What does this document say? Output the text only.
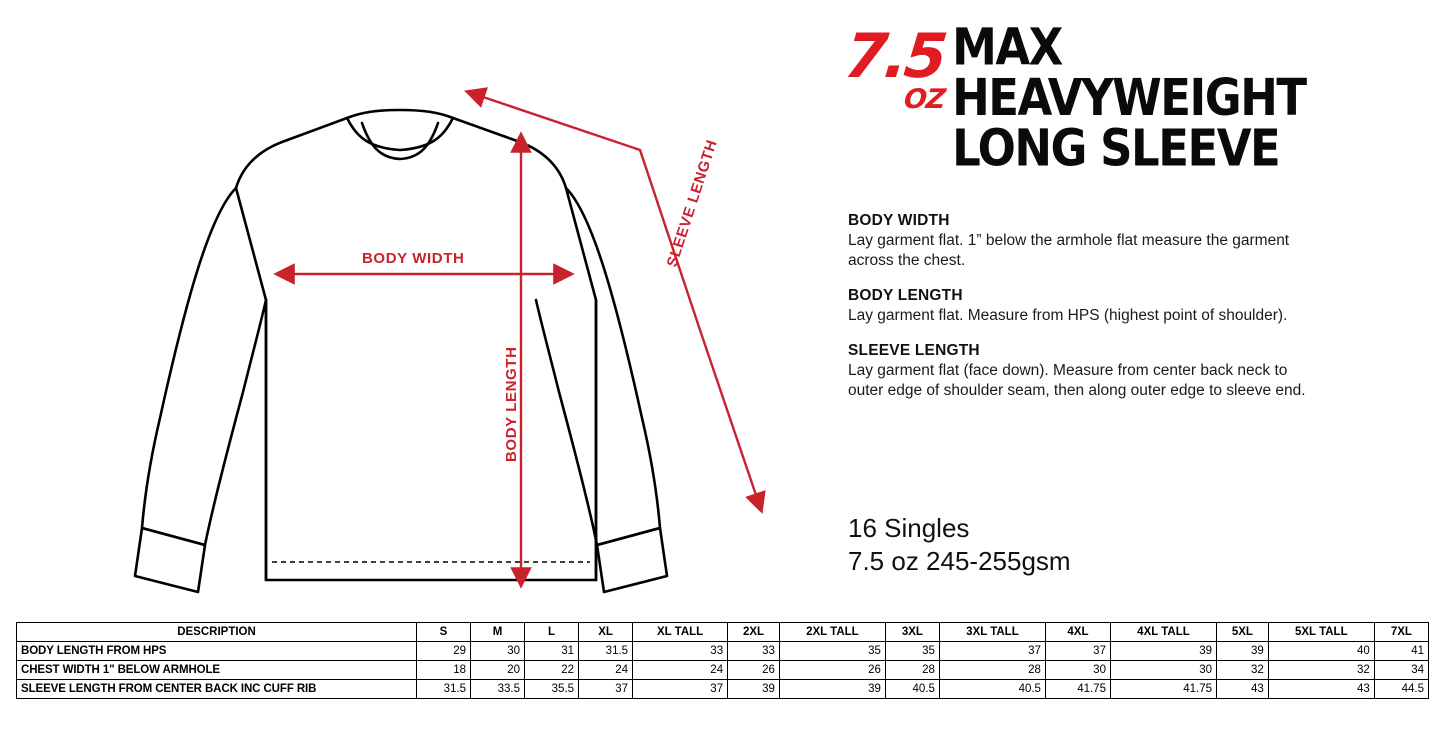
BODY WIDTH
BODY LENGTH
SLEEVE LENGTH
7.5
OZ
MAX
HEAVYWEIGHT
LONG SLEEVE
BODY WIDTH
Lay garment flat. 1” below the armhole flat measure the garment across the chest.
BODY LENGTH
Lay garment flat. Measure from HPS (highest point of shoulder).
SLEEVE LENGTH
Lay garment flat (face down). Measure from center back neck to outer edge of shoulder seam, then along outer edge to sleeve end.
16 Singles
7.5 oz 245-255gsm
DESCRIPTION	S	M	L	XL	XL TALL	2XL	2XL TALL	3XL	3XL TALL	4XL	4XL TALL	5XL	5XL TALL	7XL
BODY LENGTH FROM HPS	29	30	31	31.5	33	33	35	35	37	37	39	39	40	41
CHEST WIDTH 1" BELOW ARMHOLE	18	20	22	24	24	26	26	28	28	30	30	32	32	34
SLEEVE LENGTH FROM CENTER BACK INC CUFF RIB	31.5	33.5	35.5	37	37	39	39	40.5	40.5	41.75	41.75	43	43	44.5
